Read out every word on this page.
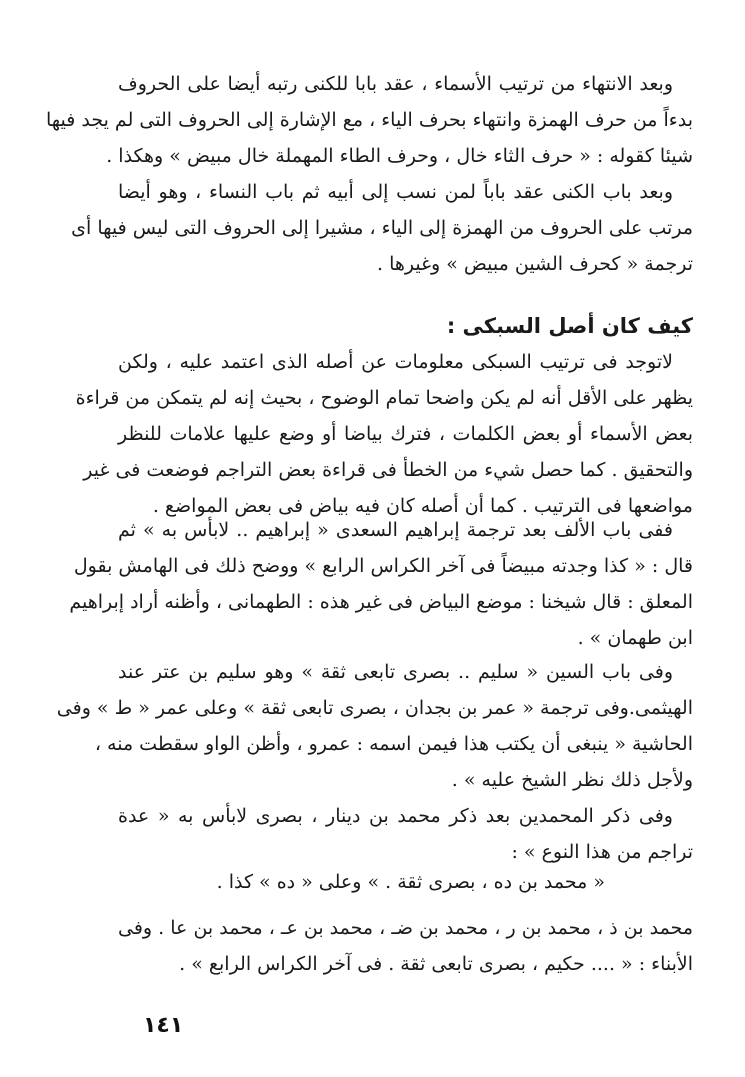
وبعد الانتهاء من ترتيب الأسماء ، عقد بابا للكنى رتبه أيضا على الحروف
بدءاً من حرف الهمزة وانتهاء بحرف الياء ، مع الإشارة إلى الحروف التى لم يجد فيها
شيئا كقوله : « حرف الثاء خال ، وحرف الطاء المهملة خال مبيض » وهكذا .
وبعد باب الكنى عقد باباً لمن نسب إلى أبيه ثم باب النساء ، وهو أيضا
مرتب على الحروف من الهمزة إلى الياء ، مشيرا إلى الحروف التى ليس فيها أى
ترجمة « كحرف الشين مبيض » وغيرها .
كيف كان أصل السبكى :
لاتوجد فى ترتيب السبكى معلومات عن أصله الذى اعتمد عليه ، ولكن
يظهر على الأقل أنه لم يكن واضحا تمام الوضوح ، بحيث إنه لم يتمكن من قراءة
بعض الأسماء أو بعض الكلمات ، فترك بياضا أو وضع عليها علامات للنظر
والتحقيق . كما حصل شيء من الخطأ فى قراءة بعض التراجم فوضعت فى غير
مواضعها فى الترتيب . كما أن أصله كان فيه بياض فى بعض المواضع .
ففى باب الألف بعد ترجمة إبراهيم السعدى « إبراهيم .. لابأس به » ثم
قال : « كذا وجدته مبيضاً فى آخر الكراس الرابع » ووضح ذلك فى الهامش بقول
المعلق : قال شيخنا : موضع البياض فى غير هذه : الطهمانى ، وأظنه أراد إبراهيم
ابن طهمان » .
وفى باب السين « سليم .. بصرى تابعى ثقة » وهو سليم بن عتر عند
الهيثمى.وفى ترجمة « عمر بن بجدان ، بصرى تابعى ثقة » وعلى عمر « ط » وفى
الحاشية « ينبغى أن يكتب هذا فيمن اسمه : عمرو ، وأظن الواو سقطت منه ،
ولأجل ذلك نظر الشيخ عليه » .
وفى ذكر المحمدين بعد ذكر محمد بن دينار ، بصرى لابأس به « عدة
تراجم من هذا النوع » :
« محمد بن ده ، بصرى ثقة . » وعلى « ده » كذا .
محمد بن ذ ، محمد بن ر ، محمد بن ضـ ، محمد بن عـ ، محمد بن عا . وفى
الأبناء : « .... حكيم ، بصرى تابعى ثقة . فى آخر الكراس الرابع » .
١٤١
